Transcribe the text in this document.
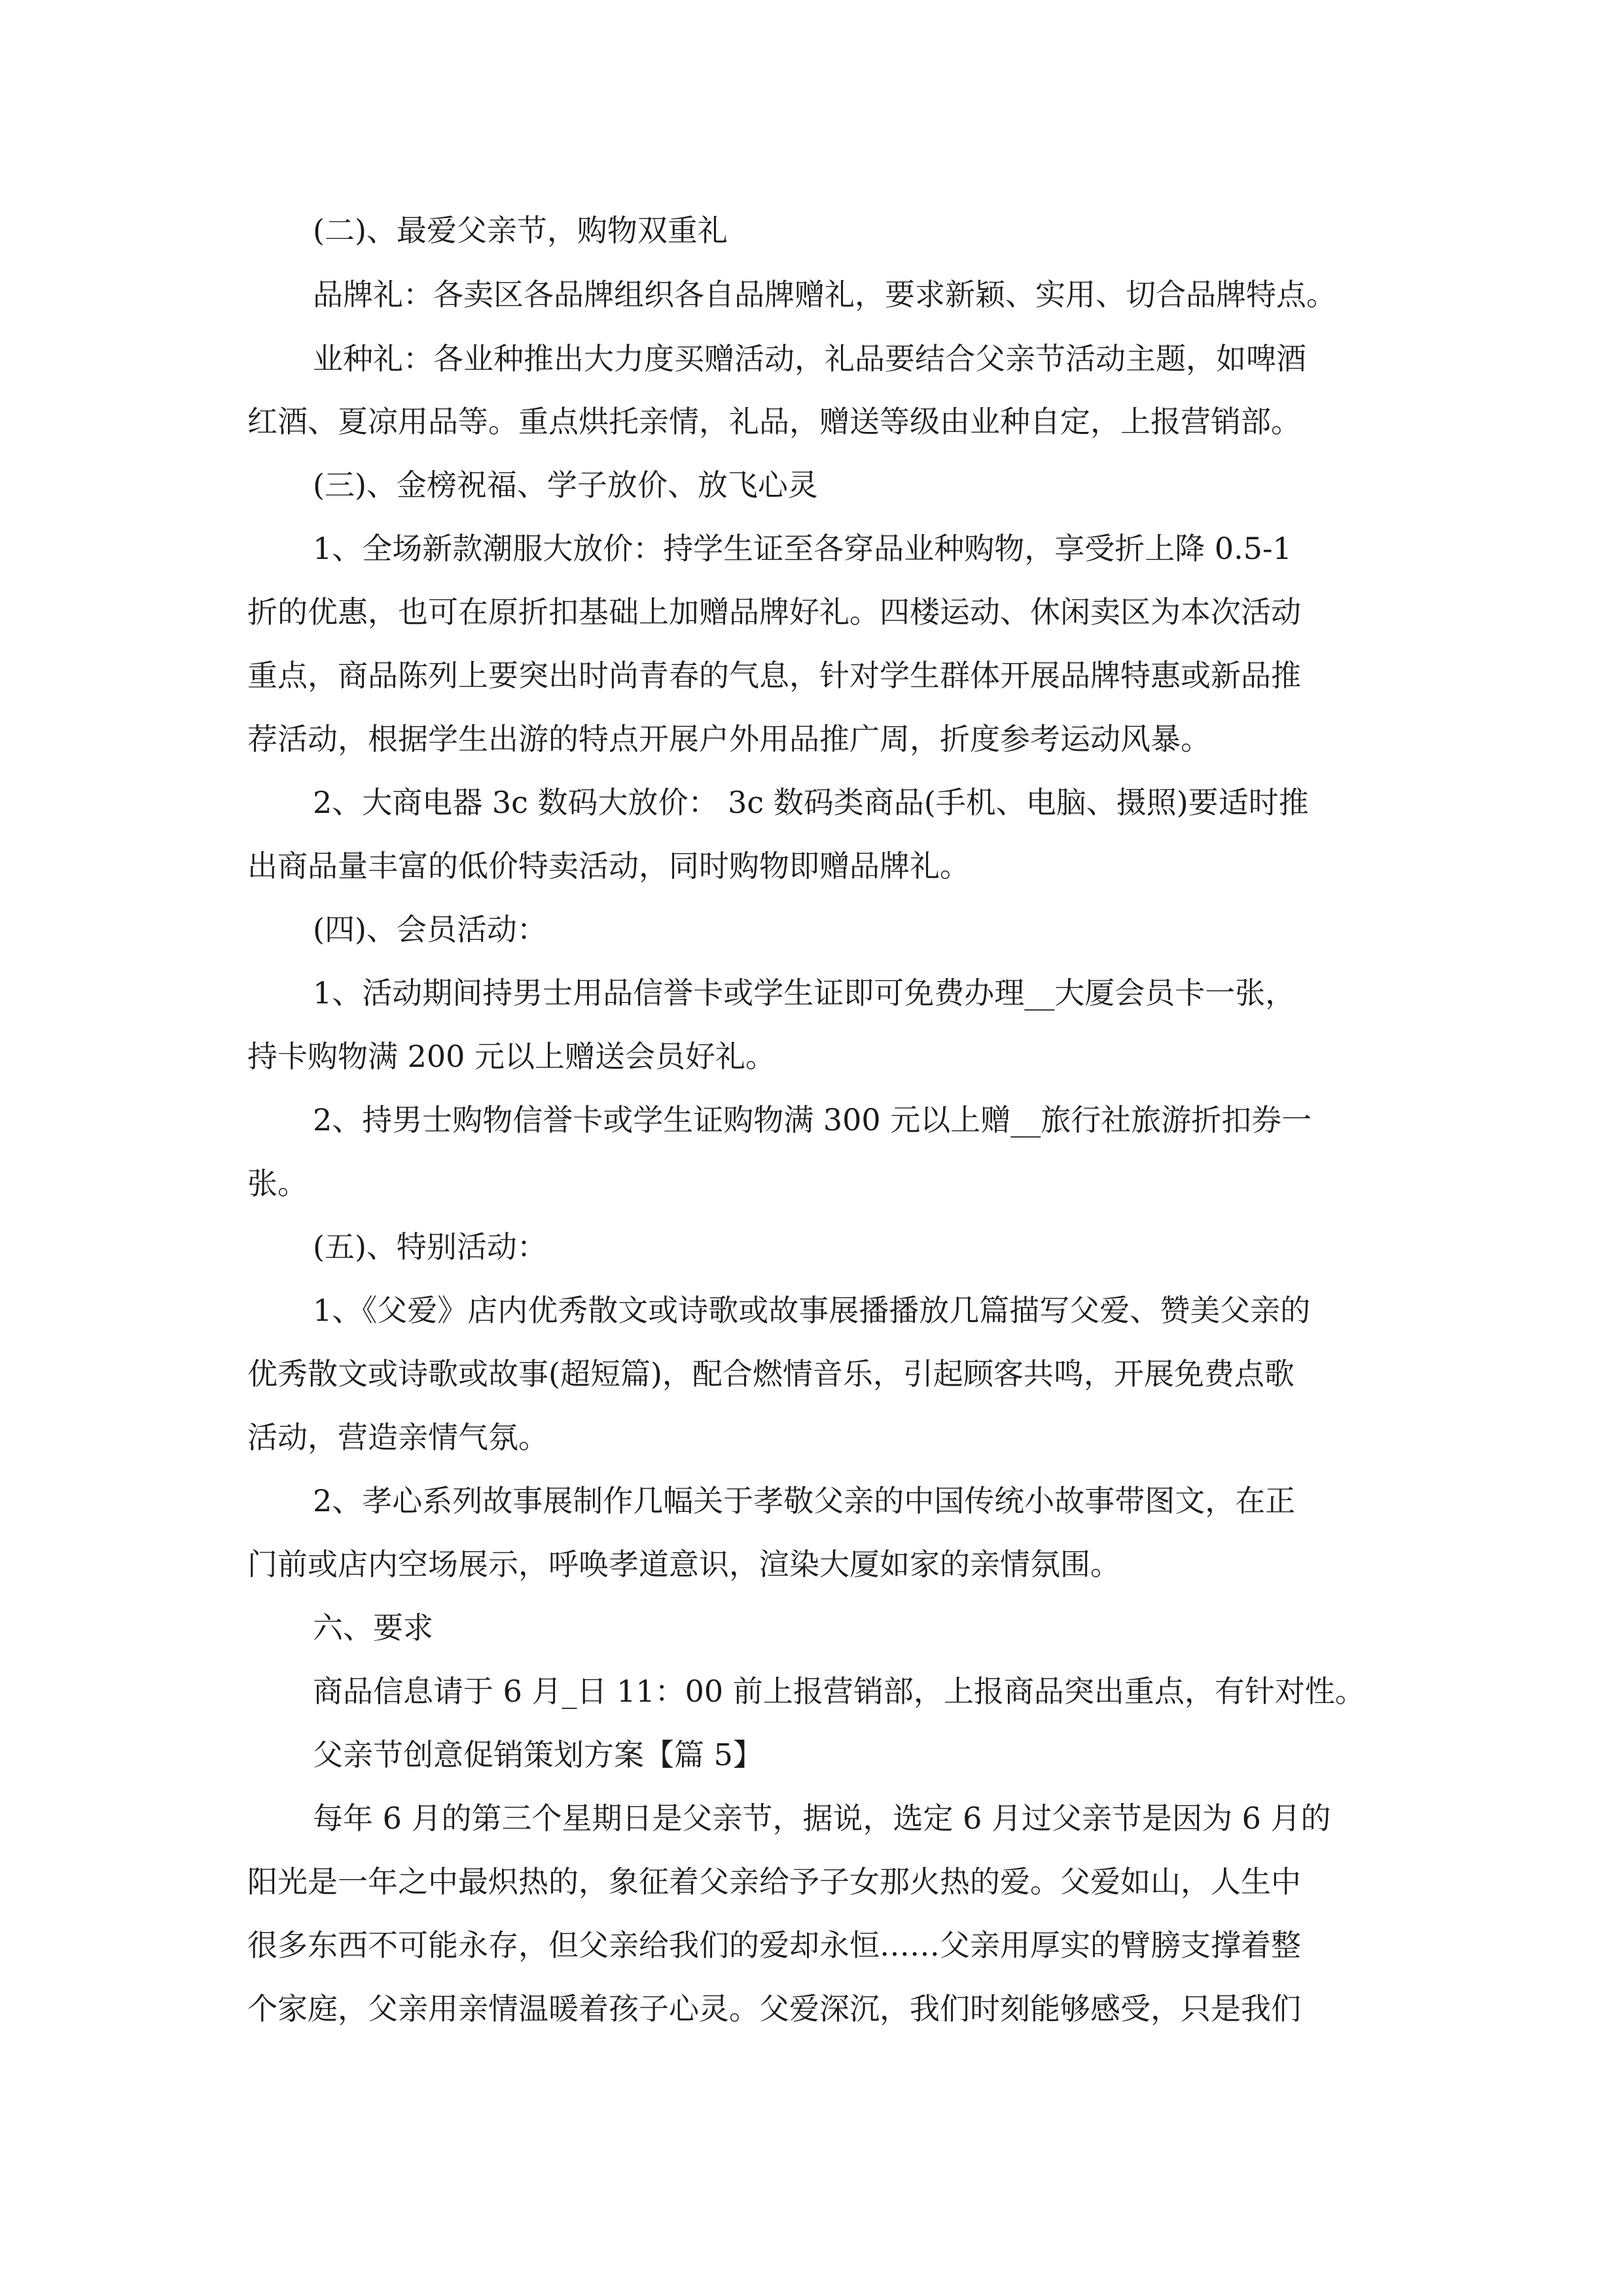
(二)、最爱父亲节，购物双重礼

品牌礼：各卖区各品牌组织各自品牌赠礼，要求新颖、实用、切合品牌特点。

业种礼：各业种推出大力度买赠活动，礼品要结合父亲节活动主题，如啤酒

红酒、夏凉用品等。重点烘托亲情，礼品，赠送等级由业种自定，上报营销部。

(三)、金榜祝福、学子放价、放飞心灵

1、全场新款潮服大放价：持学生证至各穿品业种购物，享受折上降 0.5-1

折的优惠，也可在原折扣基础上加赠品牌好礼。四楼运动、休闲卖区为本次活动

重点，商品陈列上要突出时尚青春的气息，针对学生群体开展品牌特惠或新品推

荐活动，根据学生出游的特点开展户外用品推广周，折度参考运动风暴。

2、大商电器 3c 数码大放价： 3c 数码类商品(手机、电脑、摄照)要适时推

出商品量丰富的低价特卖活动，同时购物即赠品牌礼。

(四)、会员活动：

1、活动期间持男士用品信誉卡或学生证即可免费办理__大厦会员卡一张，

持卡购物满 200 元以上赠送会员好礼。

2、持男士购物信誉卡或学生证购物满 300 元以上赠__旅行社旅游折扣券一

张。

(五)、特别活动：

1、《父爱》店内优秀散文或诗歌或故事展播播放几篇描写父爱、赞美父亲的

优秀散文或诗歌或故事(超短篇)，配合燃情音乐，引起顾客共鸣，开展免费点歌

活动，营造亲情气氛。

2、孝心系列故事展制作几幅关于孝敬父亲的中国传统小故事带图文，在正

门前或店内空场展示，呼唤孝道意识，渲染大厦如家的亲情氛围。

六、要求

商品信息请于 6 月_日 11：00 前上报营销部，上报商品突出重点，有针对性。

父亲节创意促销策划方案【篇 5】

每年 6 月的第三个星期日是父亲节，据说，选定 6 月过父亲节是因为 6 月的

阳光是一年之中最炽热的，象征着父亲给予子女那火热的爱。父爱如山，人生中

很多东西不可能永存，但父亲给我们的爱却永恒……父亲用厚实的臂膀支撑着整

个家庭，父亲用亲情温暖着孩子心灵。父爱深沉，我们时刻能够感受，只是我们
